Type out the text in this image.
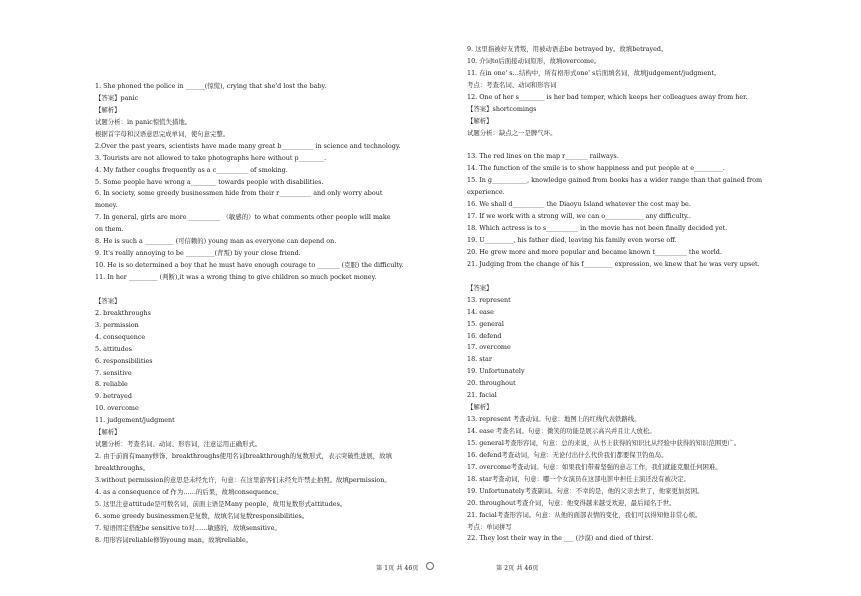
1. She phoned the police in ______(惊慌), crying that she'd lost the baby.
【答案】panic
【解析】
试题分析：in panic惊慌失措地。
根据首字母和汉语意思完成单词，使句意完整。
2.Over the past years, scientists have made many great b__________ in science and technology.
3. Tourists are not allowed to take photographs here without p________.
4. My father coughs frequently as a c__________ of smoking.
5. Some people have wrong a________ towards people with disabilities.
6. In society, some greedy businessmen hide from their r__________ and only worry about
money.
7. In general, girls are more __________ （敏感的）to what comments other people will make
on them.
8. He is such a _________ (可信赖的) young man as everyone can depend on.
9. It's really annoying to be _________(背叛) by your close friend.
10. He is so determined a boy that he must have enough courage to _______ (克服) the difficulty.
11. In her _________ (判断),it was a wrong thing to give children so much pocket money.
【答案】
2. breakthroughs
3. permission
4. consequence
5. attitudes
6. responsibilities
7. sensitive
8. reliable
9. betrayed
10. overcome
11. judgement/judgment
【解析】
试题分析：考查名词、动词、形容词，注意运用正确形式。
2. 由于前面有many修饰，breakthroughs使用名词breakthrough的复数形式，表示突破性进展，故填
breakthroughs。
3.without permission的意思是未经允许，句意：在这里游客们未经允许禁止拍照。故填permission。
4. as a consequence of 作为……的后果，故填consequence。
5. 这里注意attitude是可数名词，前面主语是Many people，故用复数形式attitudes。
6. some greedy businessmen是复数，故填名词复数responsibilities。
7. 短语固定搭配be sensitive to对……敏感的，故填sensitive。
8. 用形容词reliable修饰young man。故填reliable。
第 1页 共 46页
9. 这里指被好友背叛，用被动语态be betrayed by。故填betrayed。
10. 介词to后面接动词原形，故填overcome。
11. 在in one' s…结构中，所有格形式one' s后面填名词，故填judgement/judgment。
考点：考查名词、动词和形容词
12. One of her s________ is her bad temper, which keeps her colleagues away from her.
【答案】shortcomings
【解析】
试题分析：缺点之一是脾气坏。
13. The red lines on the map r_______ railways.
14. The function of the smile is to show happiness and put people at e_________.
15. In g___________, knowledge gained from books has a wider range than that gained from
experience.
16. We shall d__________ the Diaoyu Island whatever the cost may be.
17. If we work with a strong will, we can o____________ any difficulty..
18. Which actress is to s__________ in the movie has not been finally decided yet.
19. U_________, his father died, leaving his family even worse off.
20. He grew more and more popular and became known t__________ the world.
21. Judging from the change of his f_________ expression, we knew that he was very upset.
【答案】
13. represent
14. ease
15. general
16. defend
17. overcome
18. star
19. Unfortunately
20. throughout
21. facial
【解析】
13. represent 考查动词。句意：地图上的红线代表铁路线。
14. ease 考查名词。句意：微笑的功能是展示高兴并且让人放松。
15. general考查形容词，句意：总的来说，从书上获得的知识比从经验中获得的知识范围更广。
16. defend考查动词，句意：无论付出什么代价我们都要保卫钓鱼岛。
17. overcome考查动词。句意：如果我们带着坚强的意志工作，我们就能克服任何困难。
18. star考查动词，句意：哪一个女演员在这部电影中担任主演还没有被决定。
19. Unfortunately考查副词。句意：不幸的是，他的父亲去世了，他家更加贫困。
20. throughout考查介词，句意：他变得越来越受欢迎，最后闻名于世。
21. facial考查形容词。句意：从他的面部表情的变化，我们可以得知他非常心烦。
考点：单词拼写
22. They lost their way in the ___ (沙漠) and died of thirst.
第 2页 共 46页
